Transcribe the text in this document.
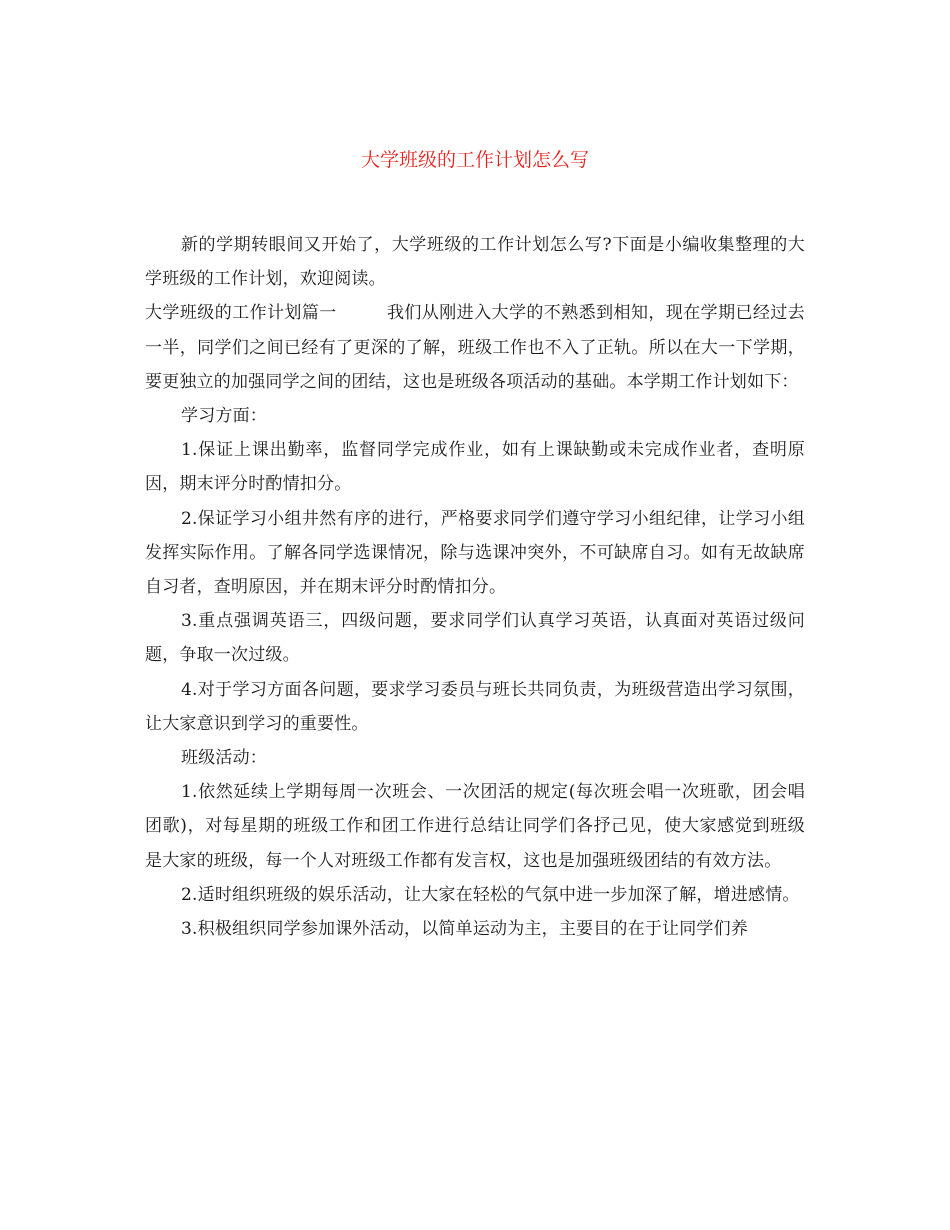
大学班级的工作计划怎么写

新的学期转眼间又开始了，大学班级的工作计划怎么写?下面是小编收集整理的大学班级的工作计划，欢迎阅读。

大学班级的工作计划篇一	我们从刚进入大学的不熟悉到相知，现在学期已经过去一半，同学们之间已经有了更深的了解，班级工作也不入了正轨。所以在大一下学期，要更独立的加强同学之间的团结，这也是班级各项活动的基础。本学期工作计划如下：

学习方面：

1.保证上课出勤率，监督同学完成作业，如有上课缺勤或未完成作业者，查明原因，期末评分时酌情扣分。

2.保证学习小组井然有序的进行，严格要求同学们遵守学习小组纪律，让学习小组发挥实际作用。了解各同学选课情况，除与选课冲突外，不可缺席自习。如有无故缺席自习者，查明原因，并在期末评分时酌情扣分。

3.重点强调英语三，四级问题，要求同学们认真学习英语，认真面对英语过级问题，争取一次过级。

4.对于学习方面各问题，要求学习委员与班长共同负责，为班级营造出学习氛围，让大家意识到学习的重要性。

班级活动：

1.依然延续上学期每周一次班会、一次团活的规定(每次班会唱一次班歌，团会唱团歌)，对每星期的班级工作和团工作进行总结让同学们各抒己见，使大家感觉到班级是大家的班级，每一个人对班级工作都有发言权，这也是加强班级团结的有效方法。

2.适时组织班级的娱乐活动，让大家在轻松的气氛中进一步加深了解，增进感情。

3.积极组织同学参加课外活动，以简单运动为主，主要目的在于让同学们养
